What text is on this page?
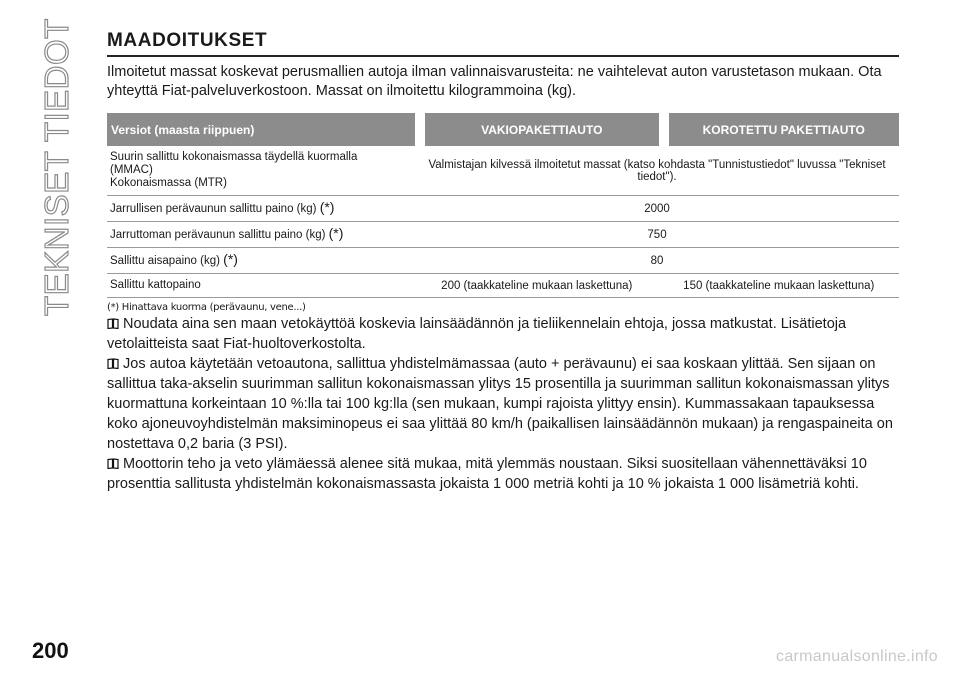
TEKNISET TIEDOT MAADOITUKSET

Ilmoitetut massat koskevat perusmallien autoja ilman valinnaisvarusteita: ne vaihtelevat auton varustetason mukaan. Ota yhteyttä Fiat-palveluverkostoon. Massat on ilmoitettu kilogrammoina (kg).

Versiot (maasta riippuen)		VAKIOPAKETTIAUTO		KOROTETTU PAKETTIAUTO
Suurin sallittu kokonaismassa täydellä kuormalla
(MMAC)
Kokonaismassa (MTR)	Valmistajan kilvessä ilmoitetut massat (katso kohdasta "Tunnistustiedot" luvussa "Tekniset tiedot").			
Jarrullisen perävaunun sallittu paino (kg) (*)	2000			
Jarruttoman perävaunun sallittu paino (kg) (*)	750			
Sallittu aisapaino (kg) (*)	80			
Sallittu kattopaino	200 (taakkateline mukaan laskettuna)		150 (taakkateline mukaan laskettuna)	
(*) Hinattava kuorma (perävaunu, vene...)

Noudata aina sen maan vetokäyttöä koskevia lainsäädännön ja tieliikennelain ehtoja, jossa matkustat. Lisätietoja vetolaitteista saat Fiat-huoltoverkostolta.

Jos autoa käytetään vetoautona, sallittua yhdistelmämassaa (auto + perävaunu) ei saa koskaan ylittää. Sen sijaan on sallittua taka-akselin suurimman sallitun kokonaismassan ylitys 15 prosentilla ja suurimman sallitun kokonaismassan ylitys kuormattuna korkeintaan 10 %:lla tai 100 kg:lla (sen mukaan, kumpi rajoista ylittyy ensin). Kummassakaan tapauksessa koko ajoneuvoyhdistelmän maksiminopeus ei saa ylittää 80 km/h (paikallisen lainsäädännön mukaan) ja rengaspaineita on nostettava 0,2 baria (3 PSI).

Moottorin teho ja veto ylämäessä alenee sitä mukaa, mitä ylemmäs noustaan. Siksi suositellaan vähennettäväksi 10 prosenttia sallitusta yhdistelmän kokonaismassasta jokaista 1 000 metriä kohti ja 10 % jokaista 1 000 lisämetriä kohti.

200	carmanualsonline.info
